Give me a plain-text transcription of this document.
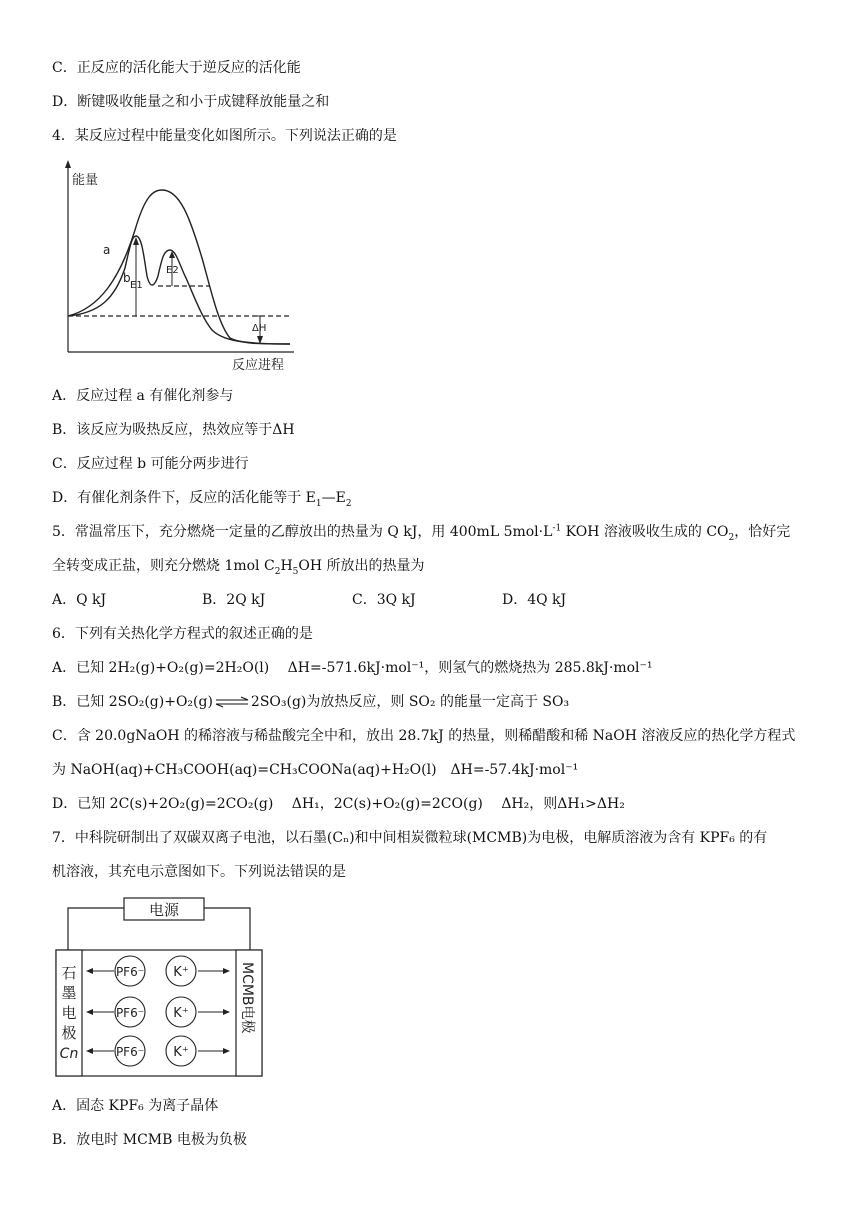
C．正反应的活化能大于逆反应的活化能
D．断键吸收能量之和小于成键释放能量之和
4．某反应过程中能量变化如图所示。下列说法正确的是
能量
反应进程
a
b
E1
E2
ΔH
A．反应过程 a 有催化剂参与
B．该反应为吸热反应，热效应等于ΔH
C．反应过程 b 可能分两步进行
D．有催化剂条件下，反应的活化能等于 $E_1—E_2$
5．常温常压下，充分燃烧一定量的乙醇放出的热量为 Q kJ，用 400mL $5mol\cdot L^{-1}$ KOH 溶液吸收生成的 $CO_2$，恰好完
全转变成正盐，则充分燃烧 1mol $C_2H_5OH$ 所放出的热量为
A．Q kJ	B．2Q kJ	C．3Q kJ	D．4Q kJ
6．下列有关热化学方程式的叙述正确的是
A．已知 2H₂(g)+O₂(g)=2H₂O(l)　 ΔH=-571.6kJ·mol⁻¹，则氢气的燃烧热为 285.8kJ·mol⁻¹
B．已知 2SO₂(g)+O₂(g)⇌2SO₃(g)为放热反应，则 SO₂ 的能量一定高于 SO₃
C．含 20.0gNaOH 的稀溶液与稀盐酸完全中和，放出 28.7kJ 的热量，则稀醋酸和稀 NaOH 溶液反应的热化学方程式
为 NaOH(aq)+CH₃COOH(aq)=CH₃COONa(aq)+H₂O(l)　ΔH=-57.4kJ·mol⁻¹
D．已知 2C(s)+2O₂(g)=2CO₂(g)　 ΔH₁，2C(s)+O₂(g)=2CO(g)　 ΔH₂，则ΔH₁>ΔH₂
7．中科院研制出了双碳双离子电池，以石墨(Cₙ)和中间相炭微粒球(MCMB)为电极，电解质溶液为含有 KPF₆ 的有
机溶液，其充电示意图如下。下列说法错误的是
电源
石
墨
电
极
Cn
MCMB电极
PF6⁻ K⁺
PF6⁻ K⁺
PF6⁻ K⁺
A．固态 KPF₆ 为离子晶体
B．放电时 MCMB 电极为负极
